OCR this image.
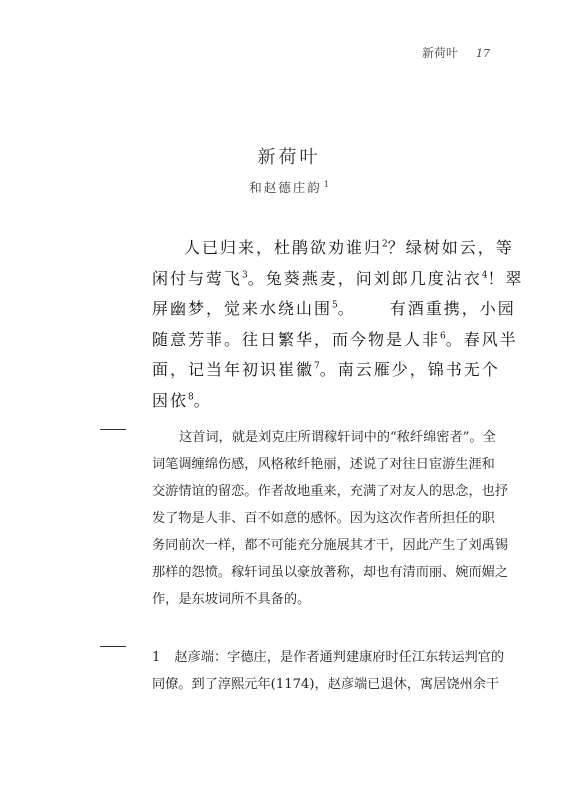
新荷叶 17
新荷叶
和赵德庄韵 $^1$
人已归来，杜鹃欲劝谁归$^2$？绿树如云，等
闲付与莺飞$^3$。兔葵燕麦，问刘郎几度沾衣$^4$！翠
屏幽梦，觉来水绕山围$^5$。 有酒重携，小园
随意芳菲。往日繁华，而今物是人非$^6$。春风半
面，记当年初识崔徽$^7$。南云雁少，锦书无个
因依$^8$。
这首词，就是刘克庄所谓稼轩词中的“秾纤绵密者”。全
词笔调缠绵伤感，风格秾纤艳丽，述说了对往日宦游生涯和
交游情谊的留恋。作者故地重来，充满了对友人的思念，也抒
发了物是人非、百不如意的感怀。因为这次作者所担任的职
务同前次一样，都不可能充分施展其才干，因此产生了刘禹锡
那样的怨愤。稼轩词虽以豪放著称，却也有清而丽、婉而媚之
作，是东坡词所不具备的。
1 赵彦端：字德庄，是作者通判建康府时任江东转运判官的
同僚。到了淳熙元年(1174)，赵彦端已退休，寓居饶州余干
